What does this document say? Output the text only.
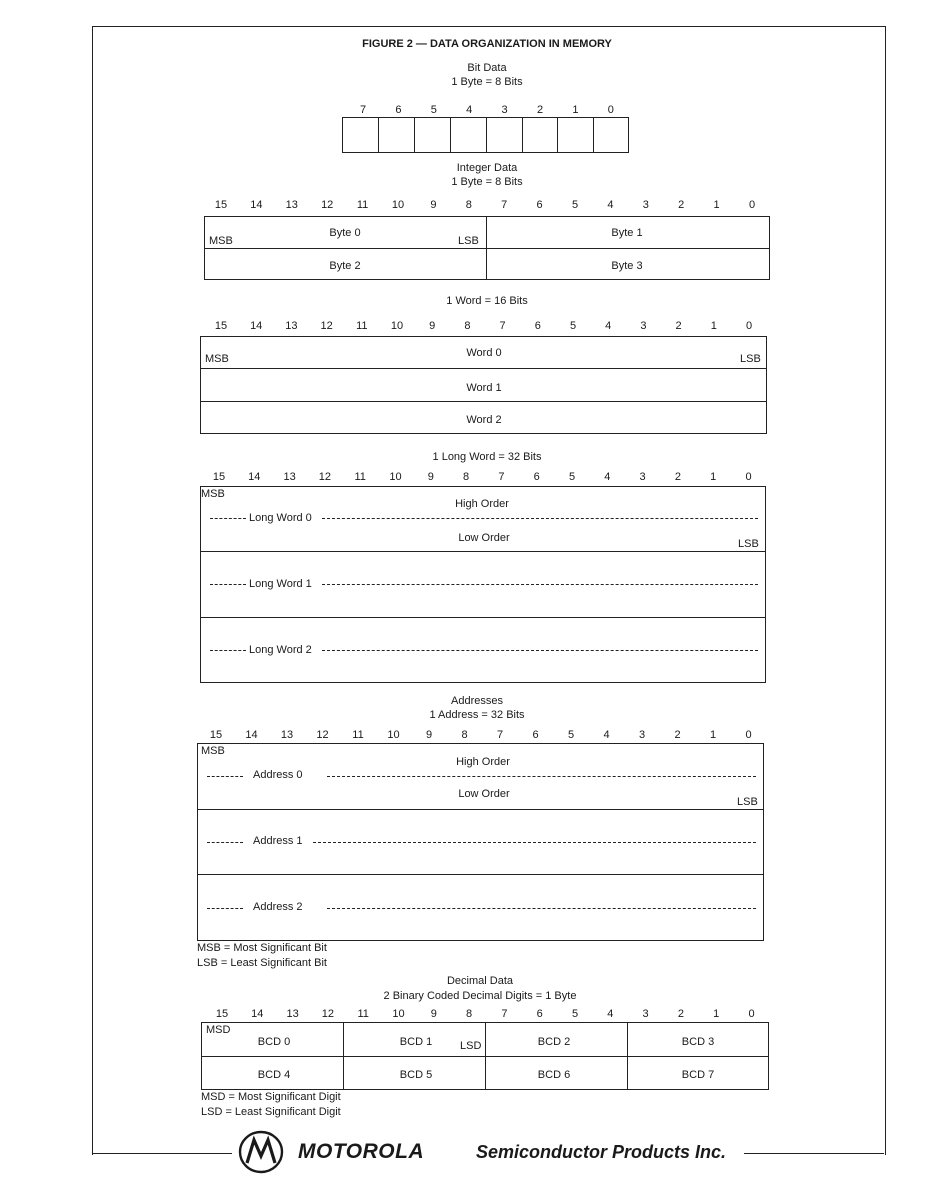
FIGURE 2 — DATA ORGANIZATION IN MEMORY
Bit Data
1 Byte = 8 Bits
7	6	5	4	3	2	1	0
Integer Data
1 Byte = 8 Bits
15 14 13 12 11 10 9	8	7	6	5	4	3	2	1	0
MSB	LSB
Byte 0	Byte 1
Byte 2	Byte 3
1 Word = 16 Bits
15 14 13 12 11 10 9	8	7	6	5	4	3	2	1	0
MSB	LSB
Word 0
Word 1
Word 2
1 Long Word = 32 Bits
15 14 13 12 11 10 9	8	7	6	5	4	3	2	1	0
MSB
LSB
High Order
Low Order
Long Word 0
Long Word 1
Long Word 2
Addresses
1 Address = 32 Bits
15 14 13 12 11 10 9	8	7	6	5	4	3	2	1	0
MSB
LSB
High Order
Low Order
Address 0
Address 1
Address 2
MSB = Most Significant Bit
LSB = Least Significant Bit
Decimal Data
2 Binary Coded Decimal Digits = 1 Byte
15 14 13 12 11 10 9	8	7	6	5	4	3	2	1	0
MSD
LSD
BCD 0	BCD 1	BCD 2	BCD 3
BCD 4	BCD 5	BCD 6	BCD 7
MSD = Most Significant Digit
LSD = Least Significant Digit
MOTOROLA	Semiconductor Products Inc.
